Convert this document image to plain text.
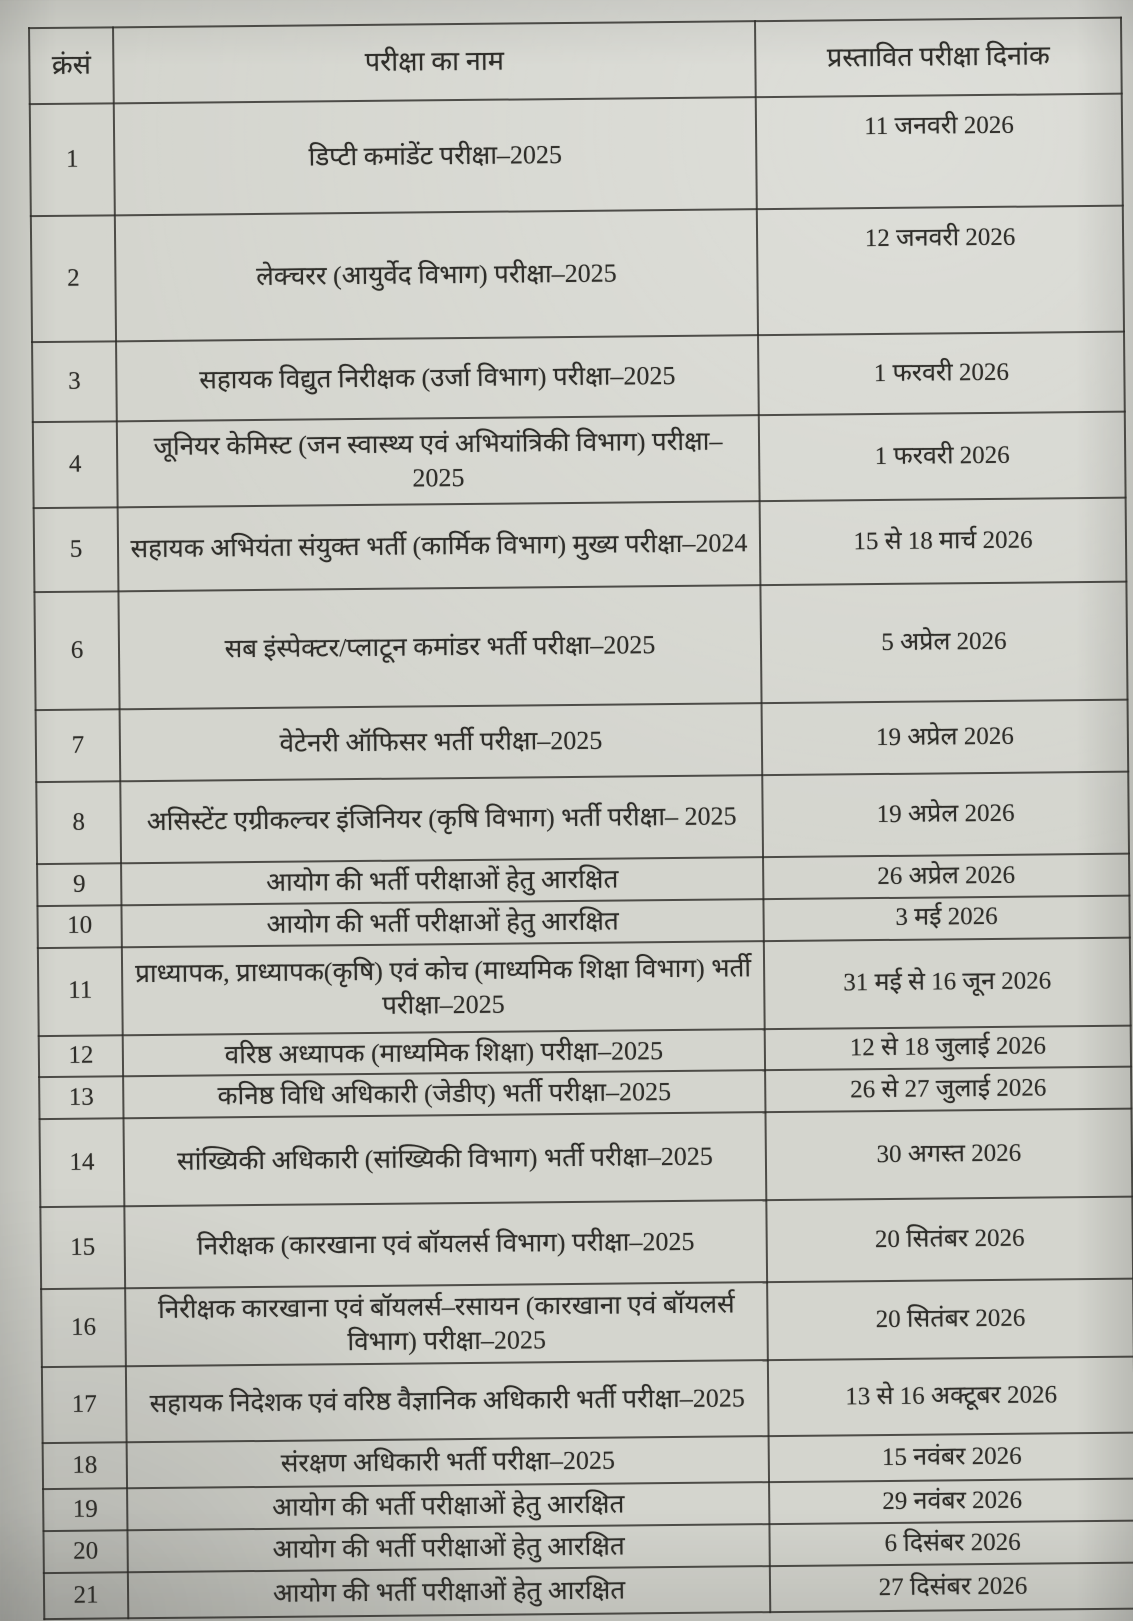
क्रंसं	परीक्षा का नाम	प्रस्तावित परीक्षा दिनांक
1	डिप्टी कमांडेंट परीक्षा–2025	11 जनवरी 2026
2	लेक्चरर (आयुर्वेद विभाग) परीक्षा–2025	12 जनवरी 2026
3	सहायक विद्युत निरीक्षक (उर्जा विभाग) परीक्षा–2025	1 फरवरी 2026
4	जूनियर केमिस्ट (जन स्वास्थ्य एवं अभियांत्रिकी विभाग) परीक्षा– 2025	1 फरवरी 2026
5	सहायक अभियंता संयुक्त भर्ती (कार्मिक विभाग) मुख्य परीक्षा–2024	15 से 18 मार्च 2026
6	सब इंस्पेक्टर/प्लाटून कमांडर भर्ती परीक्षा–2025	5 अप्रेल 2026
7	वेटेनरी ऑफिसर भर्ती परीक्षा–2025	19 अप्रेल 2026
8	असिस्टेंट एग्रीकल्चर इंजिनियर (कृषि विभाग) भर्ती परीक्षा– 2025	19 अप्रेल 2026
9	आयोग की भर्ती परीक्षाओं हेतु आरक्षित	26 अप्रेल 2026
10	आयोग की भर्ती परीक्षाओं हेतु आरक्षित	3 मई 2026
11	प्राध्यापक, प्राध्यापक(कृषि) एवं कोच (माध्यमिक शिक्षा विभाग) भर्ती परीक्षा–2025	31 मई से 16 जून 2026
12	वरिष्ठ अध्यापक (माध्यमिक शिक्षा) परीक्षा–2025	12 से 18 जुलाई 2026
13	कनिष्ठ विधि अधिकारी (जेडीए) भर्ती परीक्षा–2025	26 से 27 जुलाई 2026
14	सांख्यिकी अधिकारी (सांख्यिकी विभाग) भर्ती परीक्षा–2025	30 अगस्त 2026
15	निरीक्षक (कारखाना एवं बॉयलर्स विभाग) परीक्षा–2025	20 सितंबर 2026
16	निरीक्षक कारखाना एवं बॉयलर्स–रसायन (कारखाना एवं बॉयलर्स विभाग) परीक्षा–2025	20 सितंबर 2026
17	सहायक निदेशक एवं वरिष्ठ वैज्ञानिक अधिकारी भर्ती परीक्षा–2025	13 से 16 अक्टूबर 2026
18	संरक्षण अधिकारी भर्ती परीक्षा–2025	15 नवंबर 2026
19	आयोग की भर्ती परीक्षाओं हेतु आरक्षित	29 नवंबर 2026
20	आयोग की भर्ती परीक्षाओं हेतु आरक्षित	6 दिसंबर 2026
21	आयोग की भर्ती परीक्षाओं हेतु आरक्षित	27 दिसंबर 2026
